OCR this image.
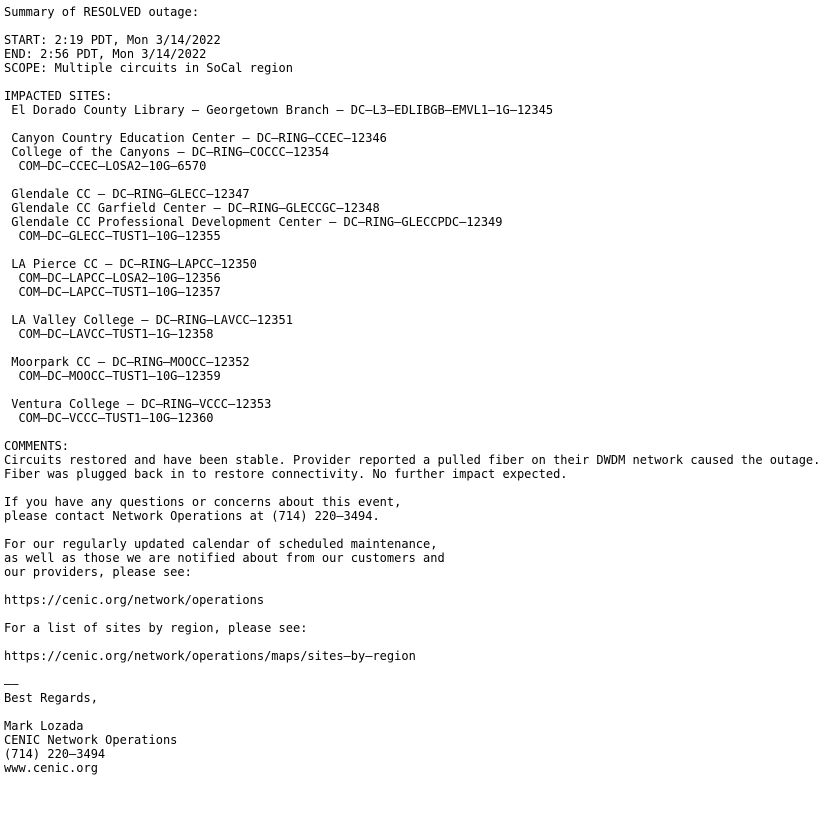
Summary of RESOLVED outage:
START: 2:19 PDT, Mon 3/14/2022
END: 2:56 PDT, Mon 3/14/2022
SCOPE: Multiple circuits in SoCal region
IMPACTED SITES:
El Dorado County Library – Georgetown Branch – DC–L3–EDLIBGB–EMVL1–1G–12345
Canyon Country Education Center – DC–RING–CCEC–12346
College of the Canyons – DC–RING–COCCC–12354
COM–DC–CCEC–LOSA2–10G–6570
Glendale CC – DC–RING–GLECC–12347
Glendale CC Garfield Center – DC–RING–GLECCGC–12348
Glendale CC Professional Development Center – DC–RING–GLECCPDC–12349
COM–DC–GLECC–TUST1–10G–12355
LA Pierce CC – DC–RING–LAPCC–12350
COM–DC–LAPCC–LOSA2–10G–12356
COM–DC–LAPCC–TUST1–10G–12357
LA Valley College – DC–RING–LAVCC–12351
COM–DC–LAVCC–TUST1–1G–12358
Moorpark CC – DC–RING–MOOCC–12352
COM–DC–MOOCC–TUST1–10G–12359
Ventura College – DC–RING–VCCC–12353
COM–DC–VCCC–TUST1–10G–12360
COMMENTS:
Circuits restored and have been stable. Provider reported a pulled fiber on their DWDM network caused the outage.
Fiber was plugged back in to restore connectivity. No further impact expected.
If you have any questions or concerns about this event,
please contact Network Operations at (714) 220–3494.
For our regularly updated calendar of scheduled maintenance,
as well as those we are notified about from our customers and
our providers, please see:
https://cenic.org/network/operations
For a list of sites by region, please see:
https://cenic.org/network/operations/maps/sites–by–region
––
Best Regards,
Mark Lozada
CENIC Network Operations
(714) 220–3494
www.cenic.org
